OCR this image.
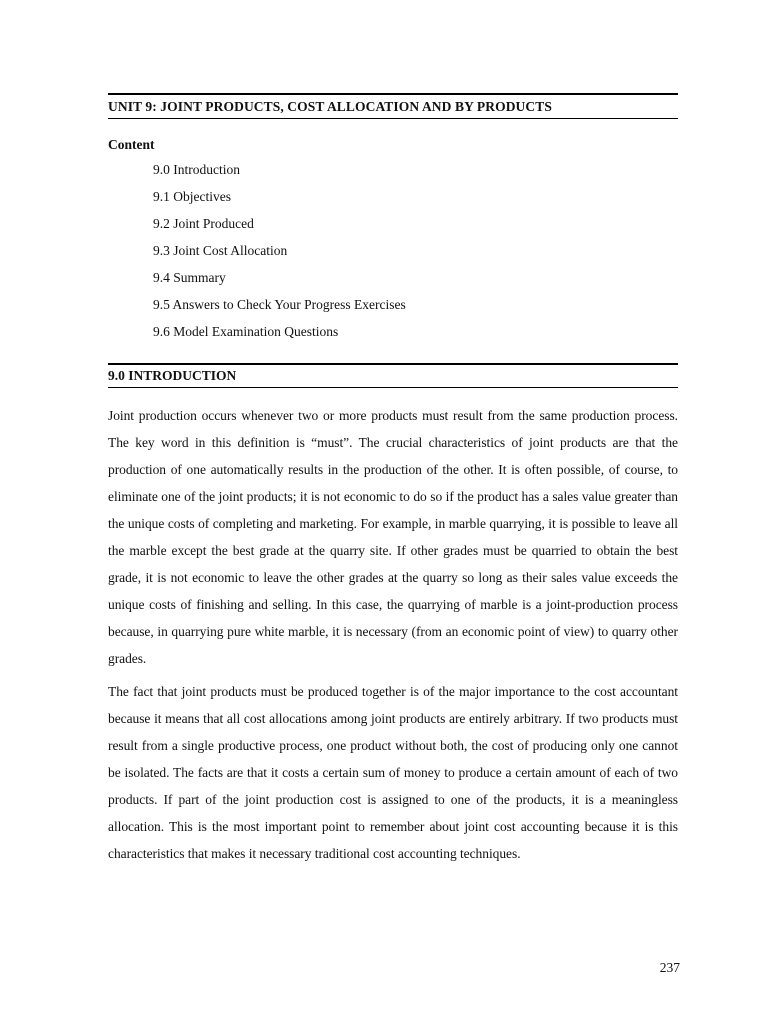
UNIT 9: JOINT PRODUCTS, COST ALLOCATION AND BY PRODUCTS
Content
9.0 Introduction
9.1 Objectives
9.2 Joint Produced
9.3 Joint Cost Allocation
9.4 Summary
9.5 Answers to Check Your Progress Exercises
9.6 Model Examination Questions
9.0 INTRODUCTION

Joint production occurs whenever two or more products must result from the same production process. The key word in this definition is “must”. The crucial characteristics of joint products are that the production of one automatically results in the production of the other. It is often possible, of course, to eliminate one of the joint products; it is not economic to do so if the product has a sales value greater than the unique costs of completing and marketing. For example, in marble quarrying, it is possible to leave all the marble except the best grade at the quarry site. If other grades must be quarried to obtain the best grade, it is not economic to leave the other grades at the quarry so long as their sales value exceeds the unique costs of finishing and selling. In this case, the quarrying of marble is a joint-production process because, in quarrying pure white marble, it is necessary (from an economic point of view) to quarry other grades.

The fact that joint products must be produced together is of the major importance to the cost accountant because it means that all cost allocations among joint products are entirely arbitrary. If two products must result from a single productive process, one product without both, the cost of producing only one cannot be isolated. The facts are that it costs a certain sum of money to produce a certain amount of each of two products. If part of the joint production cost is assigned to one of the products, it is a meaningless allocation. This is the most important point to remember about joint cost accounting because it is this characteristics that makes it necessary traditional cost accounting techniques.

237
